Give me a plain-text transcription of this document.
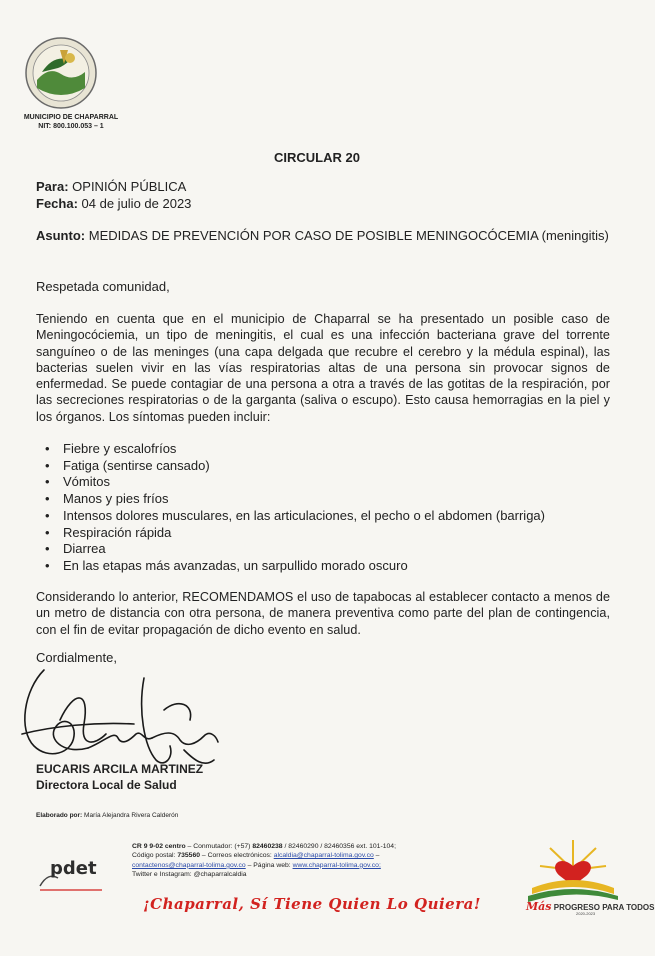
MUNICIPIO DE CHAPARRAL
NIT: 800.100.053 – 1
CIRCULAR 20
Para: OPINIÓN PÚBLICA
Fecha: 04 de julio de 2023
Asunto: MEDIDAS DE PREVENCIÓN POR CASO DE POSIBLE MENINGOCÓCEMIA (meningitis)
Respetada comunidad,
Teniendo en cuenta que en el municipio de Chaparral se ha presentado un posible caso de Meningocóciemia, un tipo de meningitis, el cual es una infección bacteriana grave del torrente sanguíneo o de las meninges (una capa delgada que recubre el cerebro y la médula espinal), las bacterias suelen vivir en las vías respiratorias altas de una persona sin provocar signos de enfermedad. Se puede contagiar de una persona a otra a través de las gotitas de la respiración, por las secreciones respiratorias o de la garganta (saliva o escupo). Esto causa hemorragias en la piel y los órganos. Los síntomas pueden incluir:
• Fiebre y escalofríos
• Fatiga (sentirse cansado)
• Vómitos
• Manos y pies fríos
• Intensos dolores musculares, en las articulaciones, el pecho o el abdomen (barriga)
• Respiración rápida
• Diarrea
• En las etapas más avanzadas, un sarpullido morado oscuro
Considerando lo anterior, RECOMENDAMOS el uso de tapabocas al establecer contacto a menos de un metro de distancia con otra persona, de manera preventiva como parte del plan de contingencia, con el fin de evitar propagación de dicho evento en salud.
Cordialmente,
EUCARIS ARCILA MARTINEZ
Directora Local de Salud
Elaborado por: María Alejandra Rivera Calderón
pdet
CR 9 9-02 centro – Conmutador: (+57) 82460238 / 82460290 / 82460356 ext. 101-104;
Código postal: 735560 – Correos electrónicos: alcaldia@chaparral-tolima.gov.co –
contactenos@chaparral-tolima.gov.co – Página web: www.chaparral-tolima.gov.co;
Twitter e Instagram: @chaparralcaldia
¡Chaparral, Sí Tiene Quien Lo Quiera!	Más PROGRESO PARA TODOS
2020-2023
